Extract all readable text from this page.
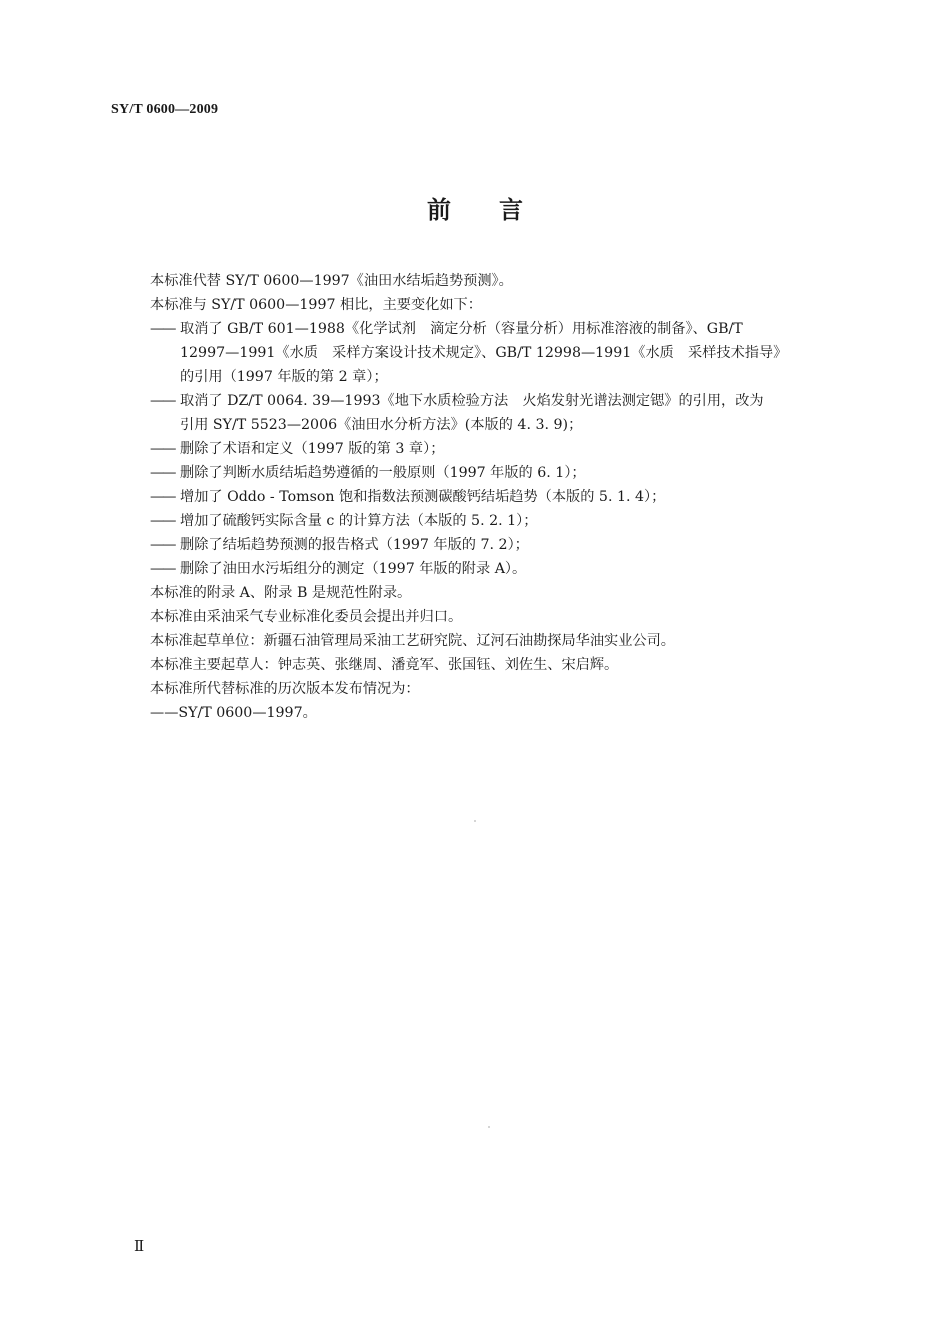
SY/T 0600—2009
前 言

本标准代替 SY/T 0600—1997《油田水结垢趋势预测》。

本标准与 SY/T 0600—1997 相比，主要变化如下：

—— 取消了 GB/T 601—1988《化学试剂　滴定分析（容量分析）用标准溶液的制备》、GB/T
12997—1991《水质　采样方案设计技术规定》、GB/T 12998—1991《水质　采样技术指导》
的引用（1997 年版的第 2 章）；
—— 取消了 DZ/T 0064. 39—1993《地下水质检验方法　火焰发射光谱法测定锶》的引用，改为
引用 SY/T 5523—2006《油田水分析方法》(本版的 4. 3. 9)；
—— 删除了术语和定义（1997 版的第 3 章）；
—— 删除了判断水质结垢趋势遵循的一般原则（1997 年版的 6. 1）；
—— 增加了 Oddo - Tomson 饱和指数法预测碳酸钙结垢趋势（本版的 5. 1. 4）；
—— 增加了硫酸钙实际含量 c 的计算方法（本版的 5. 2. 1）；
—— 删除了结垢趋势预测的报告格式（1997 年版的 7. 2）；
—— 删除了油田水污垢组分的测定（1997 年版的附录 A）。

本标准的附录 A、附录 B 是规范性附录。

本标准由采油采气专业标准化委员会提出并归口。

本标准起草单位：新疆石油管理局采油工艺研究院、辽河石油勘探局华油实业公司。

本标准主要起草人：钟志英、张继周、潘竟军、张国钰、刘佐生、宋启辉。

本标准所代替标准的历次版本发布情况为：

——SY/T 0600—1997。

Ⅱ
